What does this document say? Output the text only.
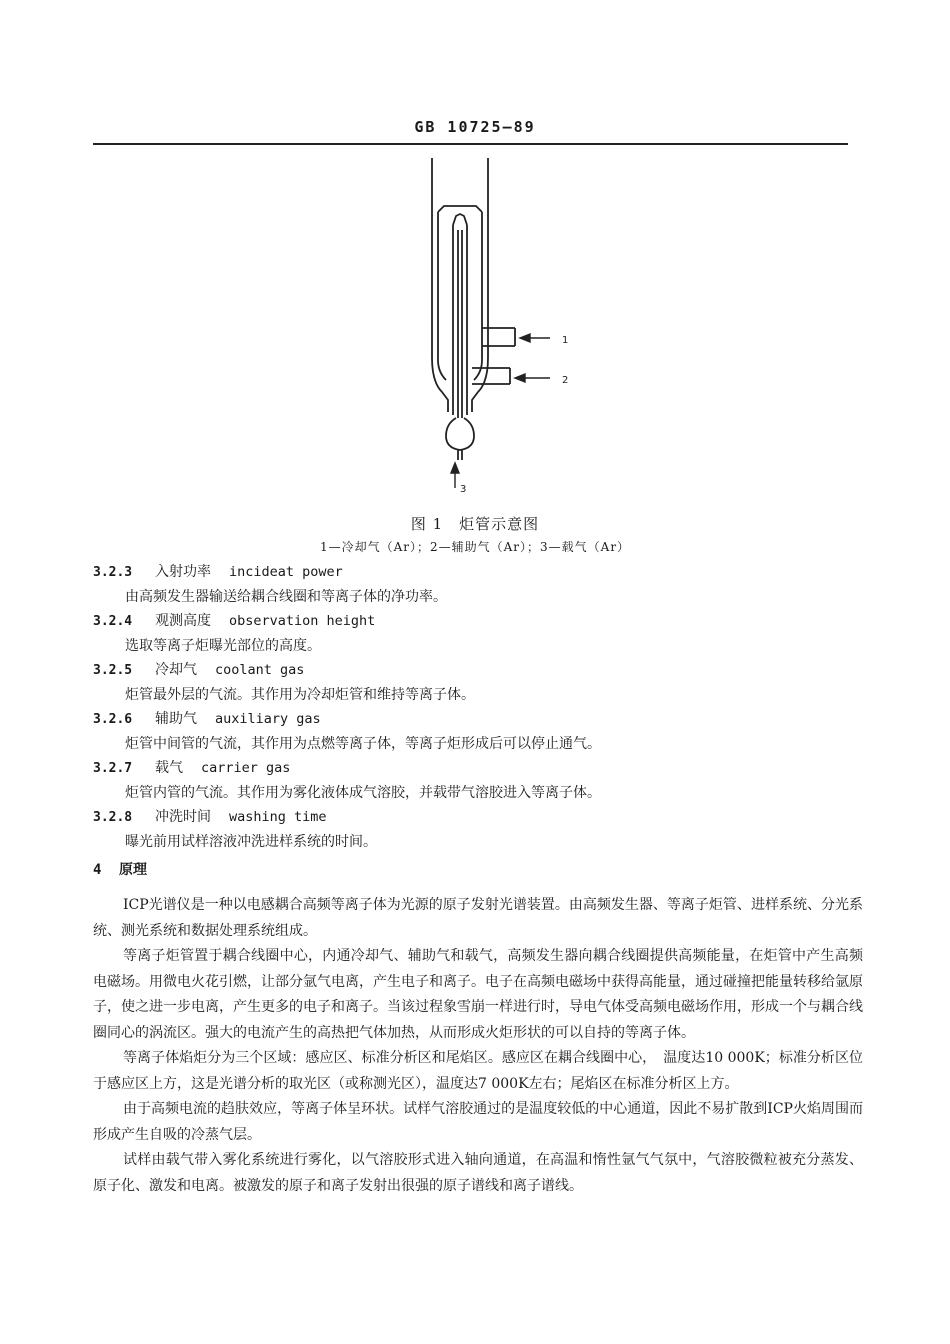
GB 10725—89
1
2
3
图 1　炬管示意图
1—冷却气（Ar）；2—辅助气（Ar）；3—载气（Ar）
3.2.3	入射功率 incideat power
由高频发生器输送给耦合线圈和等离子体的净功率。
3.2.4	观测高度 observation height
选取等离子炬曝光部位的高度。
3.2.5	冷却气 coolant gas
炬管最外层的气流。其作用为冷却炬管和维持等离子体。
3.2.6	辅助气 auxiliary gas
炬管中间管的气流，其作用为点燃等离子体，等离子炬形成后可以停止通气。
3.2.7	载气 carrier gas
炬管内管的气流。其作用为雾化液体成气溶胶，并载带气溶胶进入等离子体。
3.2.8	冲洗时间 washing time
曝光前用试样溶液冲洗进样系统的时间。
4 原理

ICP光谱仪是一种以电感耦合高频等离子体为光源的原子发射光谱装置。由高频发生器、等离子炬管、进样系统、分光系统、测光系统和数据处理系统组成。

等离子炬管置于耦合线圈中心，内通冷却气、辅助气和载气，高频发生器向耦合线圈提供高频能量，在炬管中产生高频电磁场。用微电火花引燃，让部分氩气电离，产生电子和离子。电子在高频电磁场中获得高能量，通过碰撞把能量转移给氩原子，使之进一步电离，产生更多的电子和离子。当该过程象雪崩一样进行时，导电气体受高频电磁场作用，形成一个与耦合线圈同心的涡流区。强大的电流产生的高热把气体加热，从而形成火炬形状的可以自持的等离子体。

等离子体焰炬分为三个区域：感应区、标准分析区和尾焰区。感应区在耦合线圈中心，　温度达10 000K；标准分析区位于感应区上方，这是光谱分析的取光区（或称测光区），温度达7 000K左右；尾焰区在标准分析区上方。

由于高频电流的趋肤效应，等离子体呈环状。试样气溶胶通过的是温度较低的中心通道，因此不易扩散到ICP火焰周围而形成产生自吸的冷蒸气层。

试样由载气带入雾化系统进行雾化，以气溶胶形式进入轴向通道，在高温和惰性氩气气氛中，气溶胶微粒被充分蒸发、原子化、激发和电离。被激发的原子和离子发射出很强的原子谱线和离子谱线。
